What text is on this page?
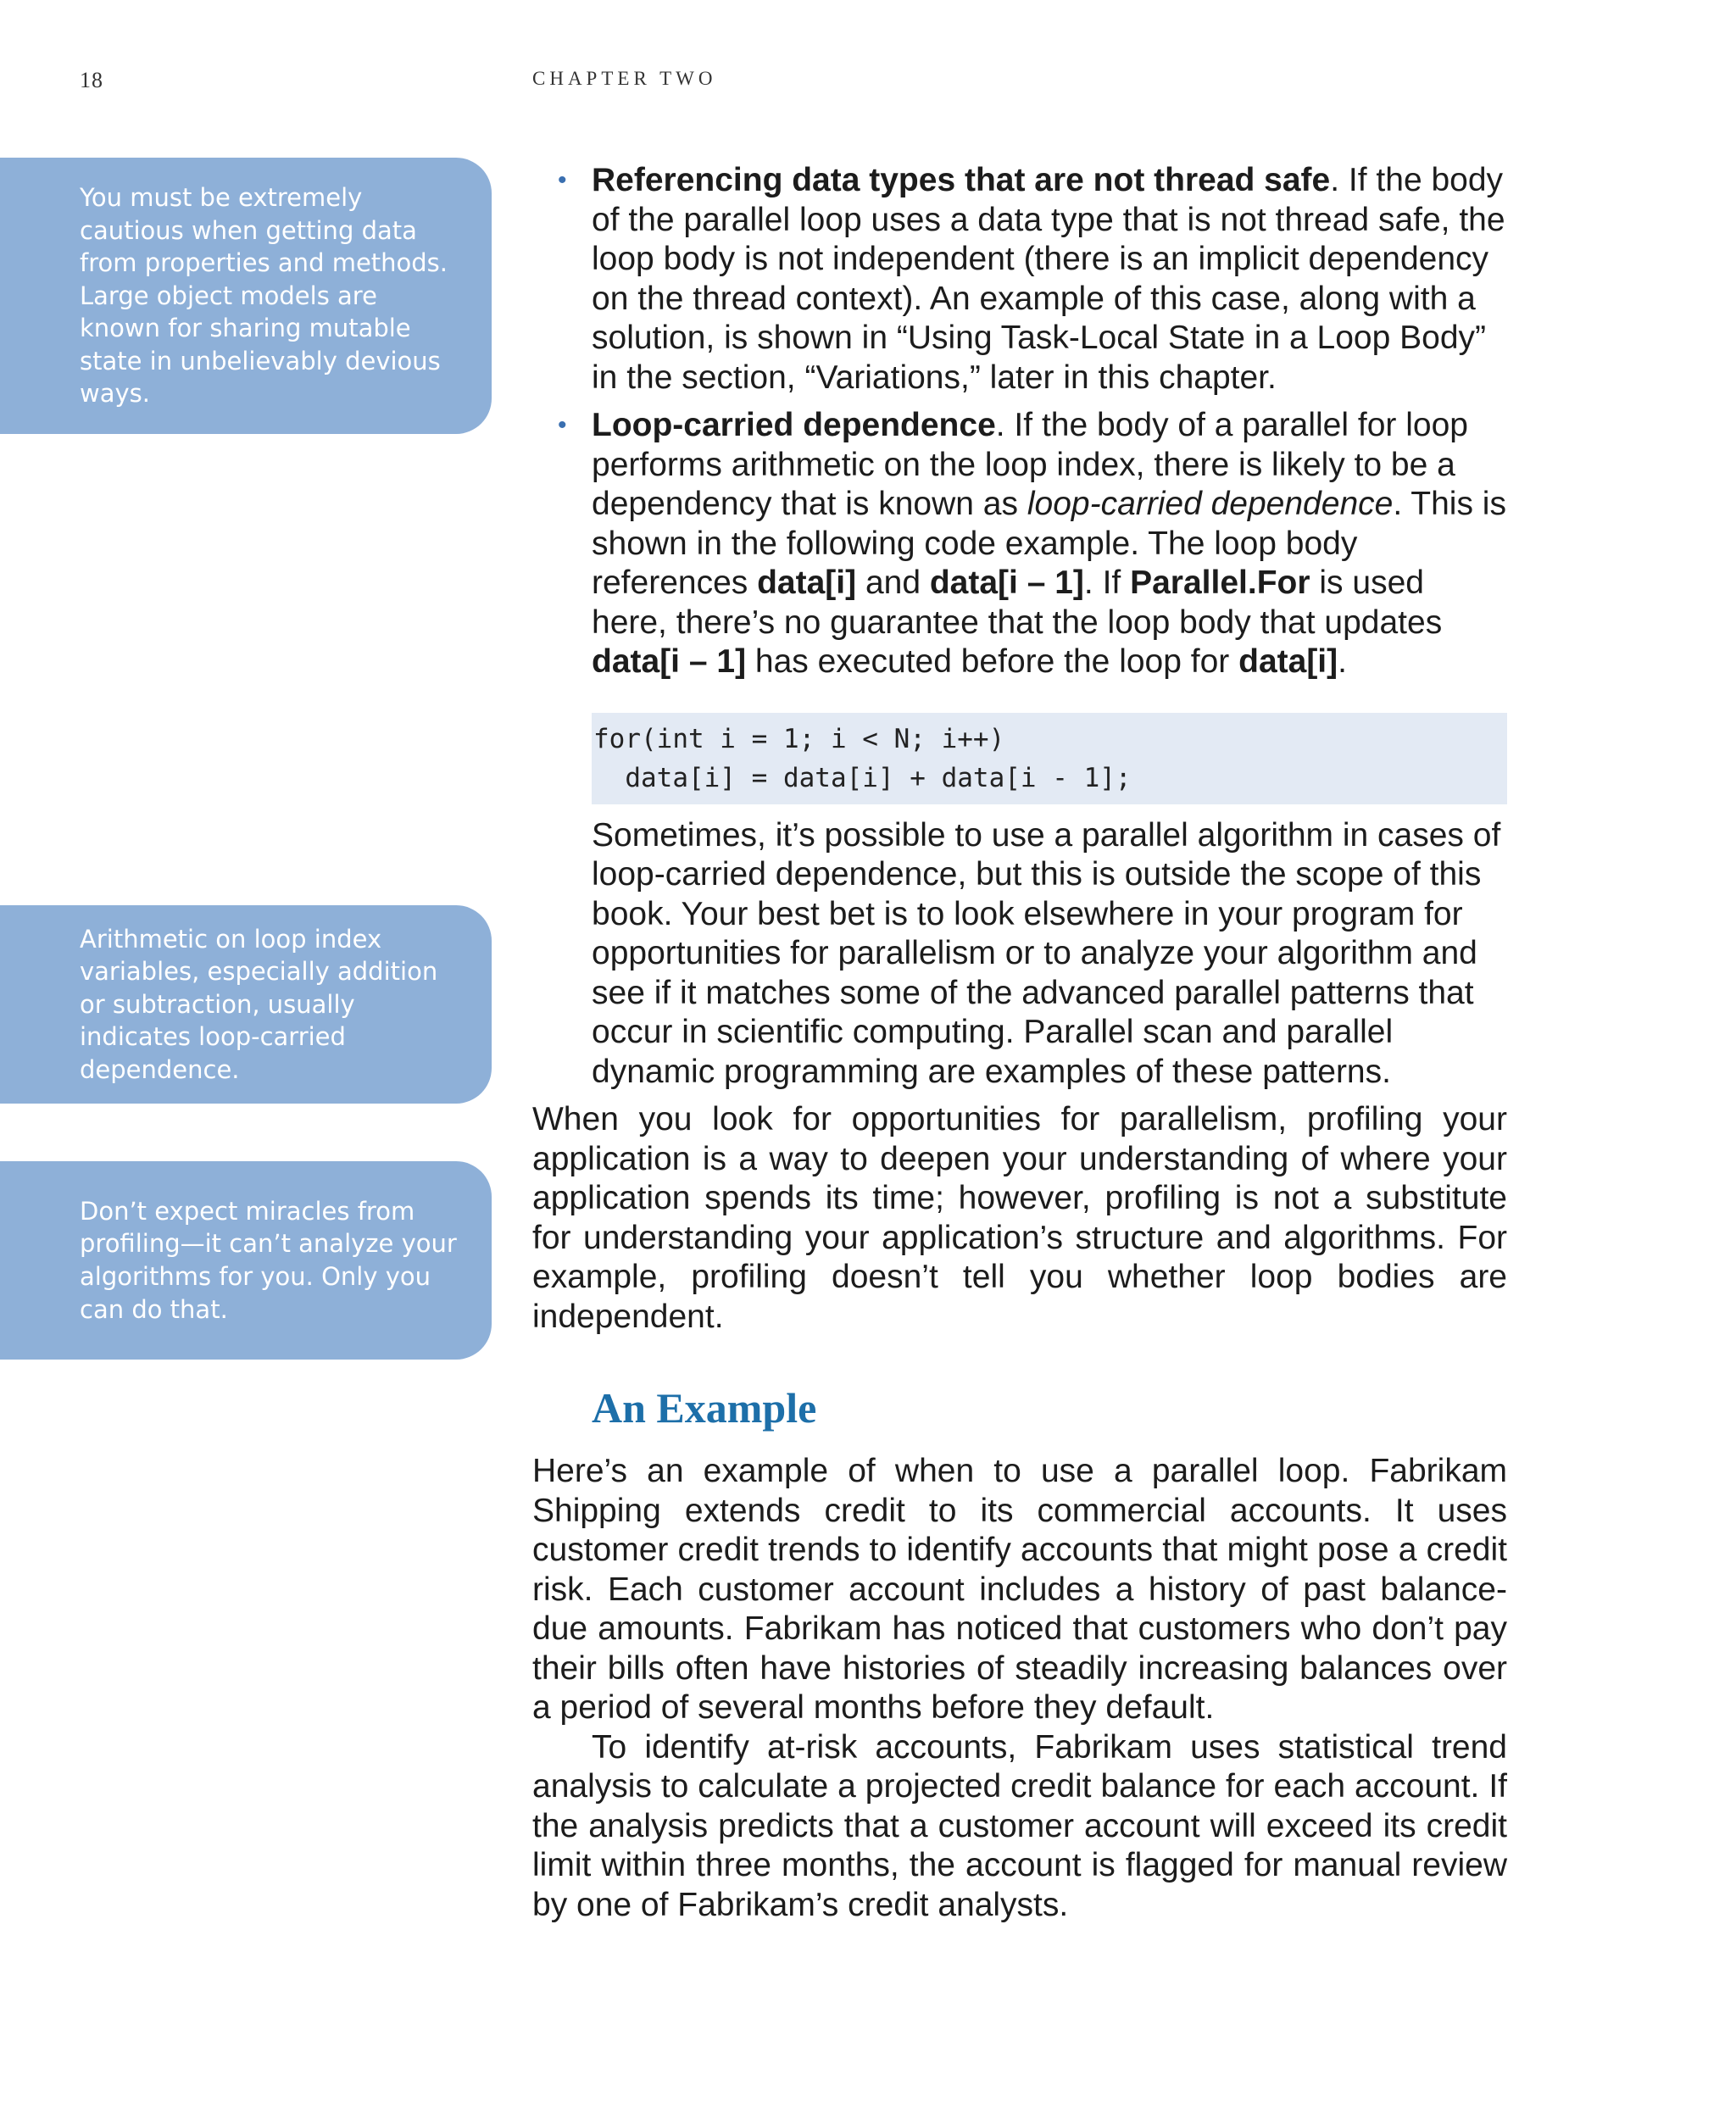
18	CHAPTER TWO
You must be extremely cautious when getting data from properties and methods. Large object models are known for sharing mutable state in unbelievably devious ways.
Arithmetic on loop index variables, especially addition or subtraction, usually indicates loop-carried dependence.
Don’t expect miracles from profiling—it can’t analyze your algorithms for you. Only you can do that.
• Referencing data types that are not thread safe. If the body of the parallel loop uses a data type that is not thread safe, the loop body is not independent (there is an implicit dependency on the thread context). An example of this case, along with a solution, is shown in “Using Task-Local State in a Loop Body” in the section, “Variations,” later in this chapter.
• Loop-carried dependence. If the body of a parallel for loop performs arithmetic on the loop index, there is likely to be a dependency that is known as loop-carried dependence. This is shown in the following code example. The loop body references data[i] and data[i – 1]. If Parallel.For is used here, there’s no guarantee that the loop body that updates data[i – 1] has executed before the loop for data[i].
for(int i = 1; i < N; i++)
data[i] = data[i] + data[i - 1];

Sometimes, it’s possible to use a parallel algorithm in cases of loop-carried dependence, but this is outside the scope of this book. Your best bet is to look elsewhere in your program for opportunities for parallelism or to analyze your algorithm and see if it matches some of the advanced parallel patterns that occur in scientific computing. Parallel scan and parallel dynamic programming are examples of these patterns.

When you look for opportunities for parallelism, profiling your application is a way to deepen your understanding of where your application spends its time; however, profiling is not a substitute for understanding your application’s structure and algorithms. For example, profiling doesn’t tell you whether loop bodies are independent.

An Example

Here’s an example of when to use a parallel loop. Fabrikam Shipping extends credit to its commercial accounts. It uses customer credit trends to identify accounts that might pose a credit risk. Each customer account includes a history of past balance-due amounts. Fabrikam has noticed that customers who don’t pay their bills often have histories of steadily increasing balances over a period of several months before they default.

To identify at-risk accounts, Fabrikam uses statistical trend analysis to calculate a projected credit balance for each account. If the analysis predicts that a customer account will exceed its credit limit within three months, the account is flagged for manual review by one of Fabrikam’s credit analysts.
